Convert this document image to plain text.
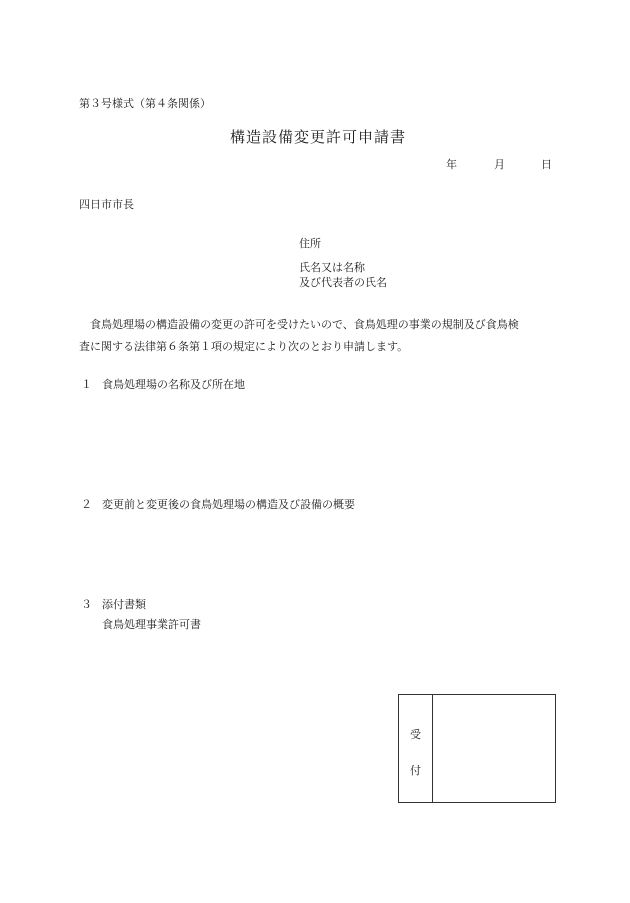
第３号様式（第４条関係）
構造設備変更許可申請書
年	月	日
四日市市長
住所
氏名又は名称
及び代表者の氏名
食鳥処理場の構造設備の変更の許可を受けたいので、食鳥処理の事業の規制及び食鳥検
査に関する法律第６条第１項の規定により次のとおり申請します。
１ 食鳥処理場の名称及び所在地
２ 変更前と変更後の食鳥処理場の構造及び設備の概要
３ 添付書類
食鳥処理事業許可書
受
付
